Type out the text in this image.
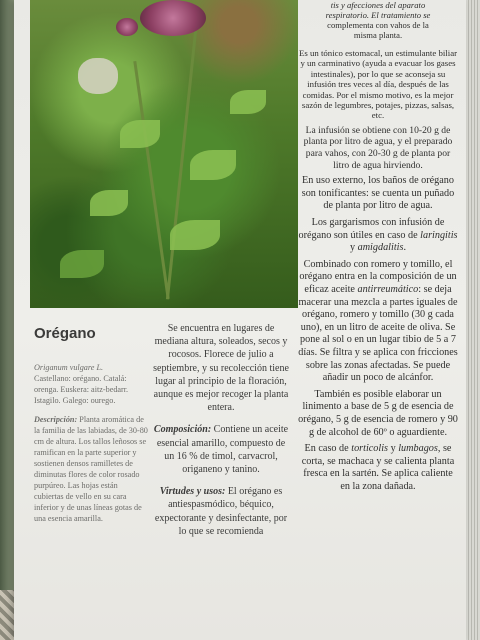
tis y afecciones del aparato
respiratorio. El tratamiento se
complementa con vahos de la
misma planta.

Es un tónico estomacal, un estimulante biliar y un carminativo (ayuda a evacuar los gases intestinales), por lo que se aconseja su infusión tres veces al día, después de las comidas. Por el mismo motivo, es la mejor sazón de legumbres, potajes, pizzas, salsas, etc.

La infusión se obtiene con 10-20 g de planta por litro de agua, y el preparado para vahos, con 20-30 g de planta por litro de agua hirviendo.

En uso externo, los baños de orégano son tonificantes: se cuenta un puñado de planta por litro de agua.

Los gargarismos con infusión de orégano son útiles en caso de laringitis y amigdalitis.

Combinado con romero y tomillo, el orégano entra en la composición de un eficaz aceite antirreumático: se deja macerar una mezcla a partes iguales de orégano, romero y tomillo (30 g cada uno), en un litro de aceite de oliva. Se pone al sol o en un lugar tibio de 5 a 7 días. Se filtra y se aplica con fricciones sobre las zonas afectadas. Se puede añadir un poco de alcánfor.

También es posible elaborar un linimento a base de 5 g de esencia de orégano, 5 g de esencia de romero y 90 g de alcohol de 60º o aguardiente.

En caso de torticolis y lumbagos, se corta, se machaca y se calienta planta fresca en la sartén. Se aplica caliente en la zona dañada.

Orégano

Origanum vulgare L.
Castellano: orégano. Catalá: orenga. Euskera: aitz-bedarr. Istagilo. Galego: ourego.

Descripción: Planta aromática de la familia de las labiadas, de 30-80 cm de altura. Los tallos leñosos se ramifican en la parte superior y sostienen densos ramilletes de diminutas flores de color rosado purpúreo. Las hojas están cubiertas de vello en su cara inferior y de unas líneas gotas de una esencia amarilla.

Se encuentra en lugares de mediana altura, soleados, secos y rocosos. Florece de julio a septiembre, y su recolección tiene lugar al principio de la floración, aunque es mejor recoger la planta entera.

Composición: Contiene un aceite esencial amarillo, compuesto de un 16 % de timol, carvacrol, origaneno y tanino.

Virtudes y usos: El orégano es antiespasmódico, béquico, expectorante y desinfectante, por lo que se recomienda
